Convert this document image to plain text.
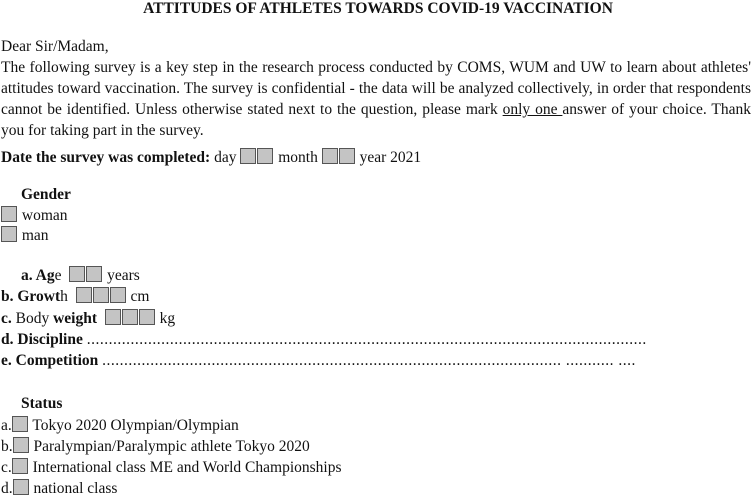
ATTITUDES OF ATHLETES TOWARDS COVID-19 VACCINATION
Dear Sir/Madam,
The following survey is a key step in the research process conducted by COMS, WUM and UW to learn about athletes' attitudes toward vaccination. The survey is confidential - the data will be analyzed collectively, in order that respondents cannot be identified. Unless otherwise stated next to the question, please mark only one answer of your choice. Thank you for taking part in the survey.
Date the survey was completed: day	month	year 2021
Gender
woman
man
a. Age	years
b. Growth	cm
c. Body weight	kg
d. Discipline ................................................................................................................................
e. Competition ......................................................................................................... ........... ....
Status
a. Tokyo 2020 Olympian/Olympian
b. Paralympian/Paralympic athlete Tokyo 2020
c. International class ME and World Championships
d. national class
